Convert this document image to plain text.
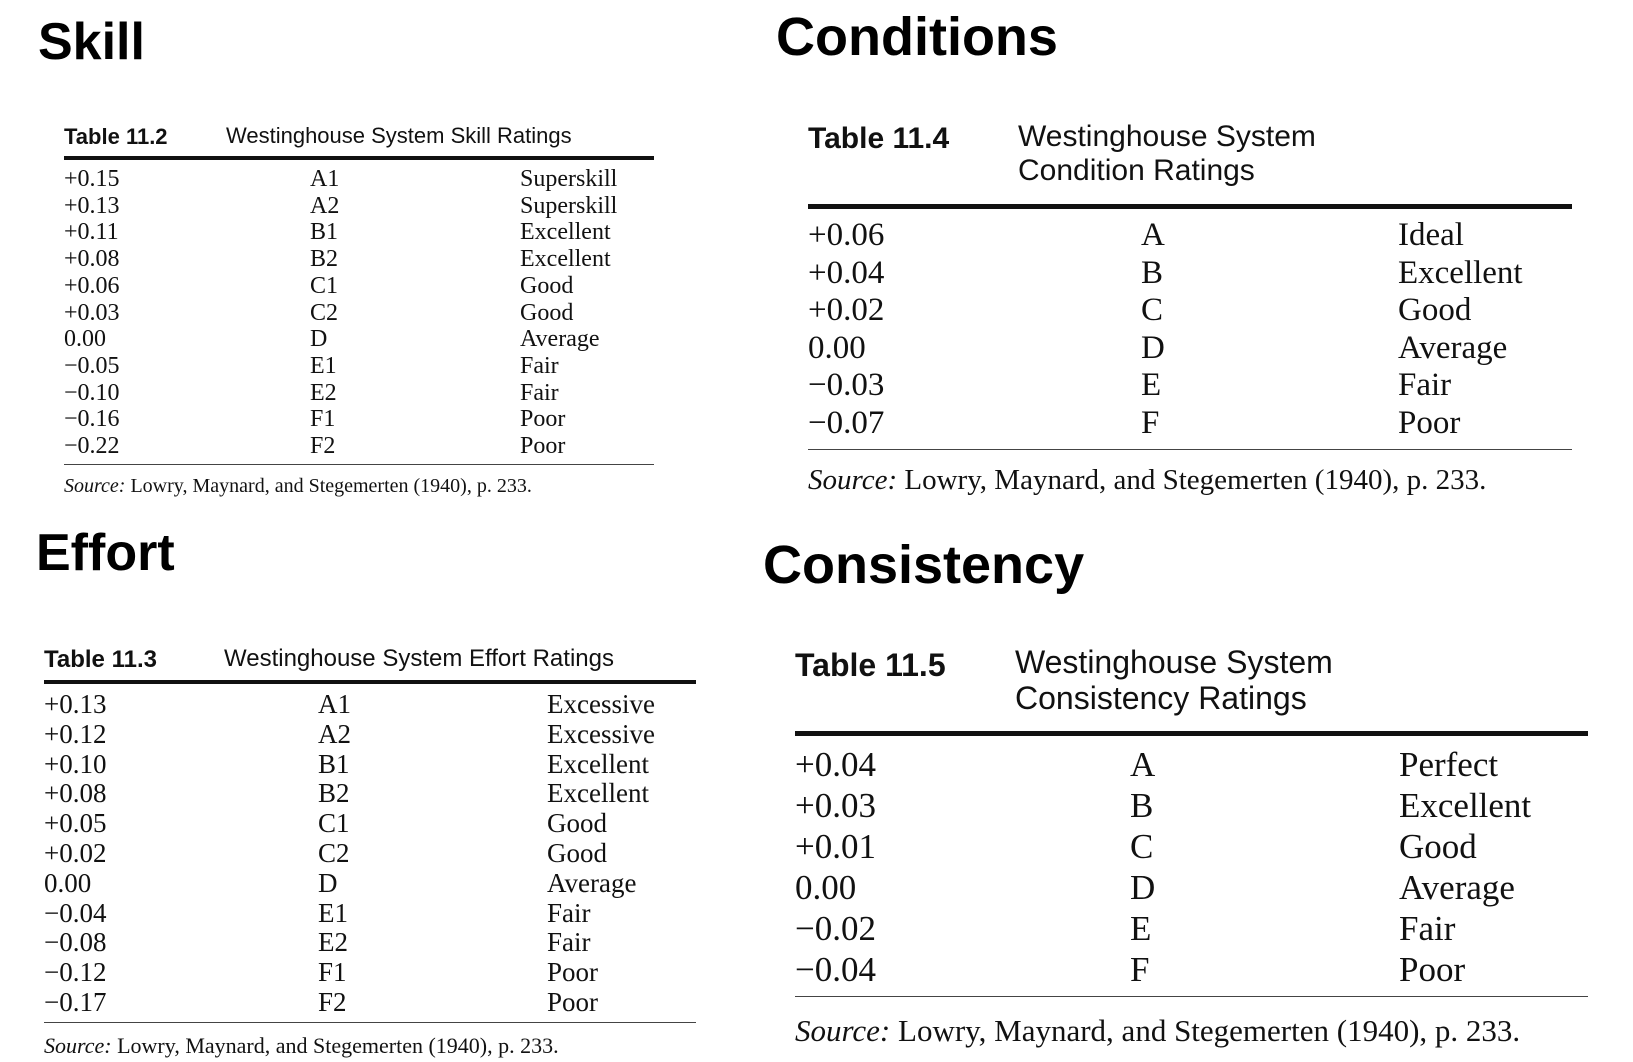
Skill
Table 11.2	Westinghouse System Skill Ratings
+0.15	A1	Superskill
+0.13	A2	Superskill
+0.11	B1	Excellent
+0.08	B2	Excellent
+0.06	C1	Good
+0.03	C2	Good
0.00	D	Average
−0.05	E1	Fair
−0.10	E2	Fair
−0.16	F1	Poor
−0.22	F2	Poor
Source: Lowry, Maynard, and Stegemerten (1940), p. 233.
Effort
Table 11.3	Westinghouse System Effort Ratings
+0.13	A1	Excessive
+0.12	A2	Excessive
+0.10	B1	Excellent
+0.08	B2	Excellent
+0.05	C1	Good
+0.02	C2	Good
0.00	D	Average
−0.04	E1	Fair
−0.08	E2	Fair
−0.12	F1	Poor
−0.17	F2	Poor
Source: Lowry, Maynard, and Stegemerten (1940), p. 233.
Conditions
Table 11.4	Westinghouse System
Condition Ratings
+0.06	A	Ideal
+0.04	B	Excellent
+0.02	C	Good
0.00	D	Average
−0.03	E	Fair
−0.07	F	Poor
Source: Lowry, Maynard, and Stegemerten (1940), p. 233.
Consistency
Table 11.5	Westinghouse System
Consistency Ratings
+0.04	A	Perfect
+0.03	B	Excellent
+0.01	C	Good
0.00	D	Average
−0.02	E	Fair
−0.04	F	Poor
Source: Lowry, Maynard, and Stegemerten (1940), p. 233.
